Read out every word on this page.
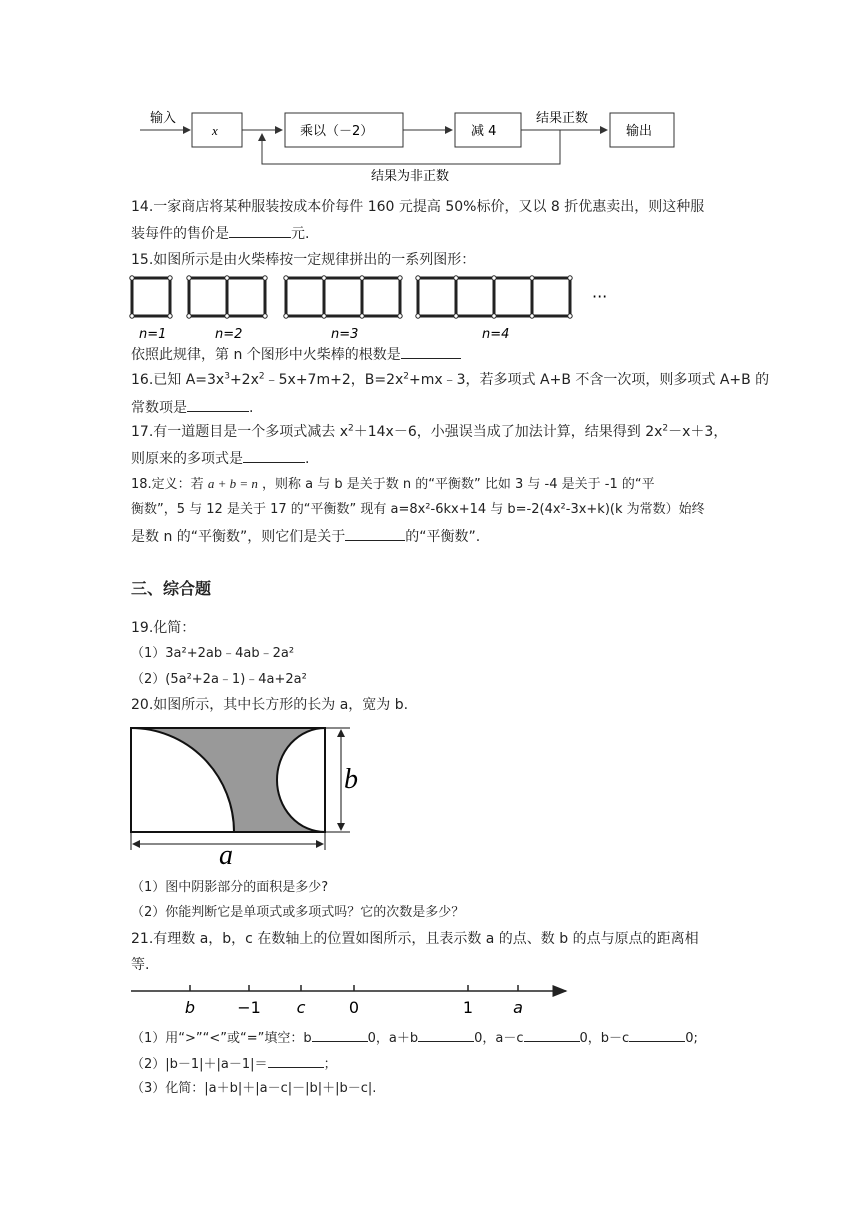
输入
x	乘以（－2）	减 4
结果正数
输出
结果为非正数
14.一家商店将某种服装按成本价每件 160 元提高 50%标价，又以 8 折优惠卖出，则这种服
装每件的售价是	元.
15.如图所示是由火柴棒按一定规律拼出的一系列图形：
n=1	n=2	n=3	n=4
···
依照此规律，第 n 个图形中火柴棒的根数是
16.已知 $A=3x^3+2x^2﹣5x+7m+2$，$B=2x^2+mx﹣3$，若多项式 A+B 不含一次项，则多项式 A+B 的
常数项是	.
17.有一道题目是一个多项式减去 $x^2+14x-6$，小强误当成了加法计算，结果得到 $2x^2-x+3$，
则原来的多项式是	.
18.定义：若 a + b = n ，则称 a 与 b 是关于数 n 的“平衡数” 比如 3 与 -4 是关于 -1 的“平
衡数”，5 与 12 是关于 17 的“平衡数” 现有 a=8x²-6kx+14 与 b=-2(4x²-3x+k)(k 为常数）始终
是数 n 的“平衡数”，则它们是关于	的“平衡数”.
三、综合题
19.化简：
（1）3a²+2ab﹣4ab﹣2a²
（2）(5a²+2a﹣1)﹣4a+2a²
20.如图所示，其中长方形的长为 a，宽为 b.
b
a
（1）图中阴影部分的面积是多少?
（2）你能判断它是单项式或多项式吗？它的次数是多少？
21.有理数 a，b，c 在数轴上的位置如图所示，且表示数 a 的点、数 b 的点与原点的距离相
等.
b	−1 c	0	1	a
（1）用“>”“<”或“=”填空：b	0，a＋b	0，a－c	0，b－c	0;
（2）|b－1|＋|a－1|＝	；
（3）化简：|a＋b|＋|a－c|－|b|＋|b－c|.
